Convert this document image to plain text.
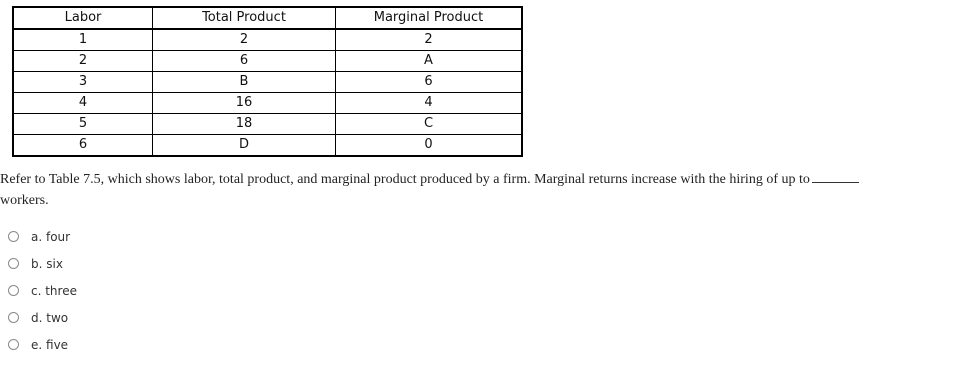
Labor	Total Product	Marginal Product
1	2	2
2	6	A
3	B	6
4	16	4
5	18	C
6	D	0

Refer to Table 7.5, which shows labor, total product, and marginal product produced by a firm. Marginal returns increase with the hiring of up to
workers.

a. four
b. six
c. three
d. two
e. five
